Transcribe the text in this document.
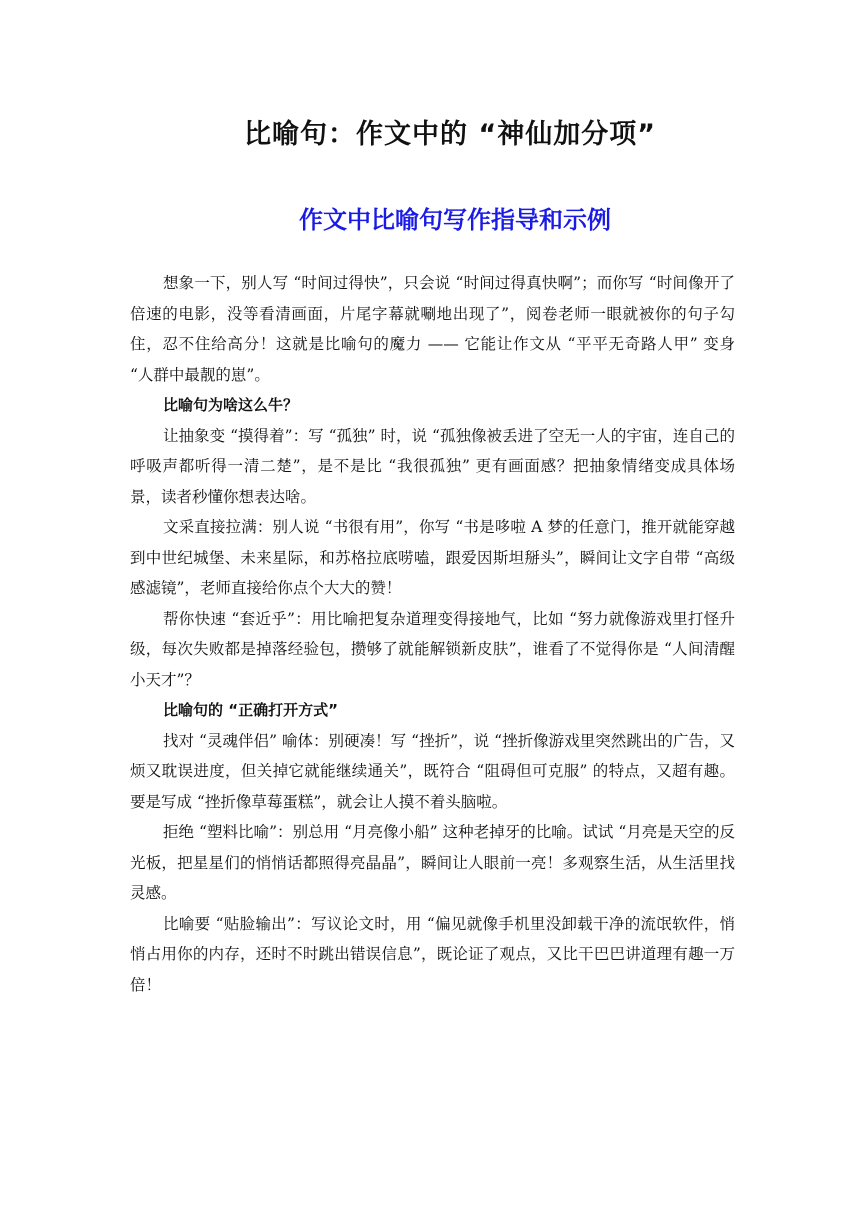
比喻句：作文中的 “神仙加分项”
作文中比喻句写作指导和示例

想象一下，别人写 “时间过得快”，只会说 “时间过得真快啊”；而你写 “时间像开了倍速的电影，没等看清画面，片尾字幕就唰地出现了”，阅卷老师一眼就被你的句子勾住，忍不住给高分！这就是比喻句的魔力 —— 它能让作文从 “平平无奇路人甲” 变身 “人群中最靓的崽”。

比喻句为啥这么牛？

让抽象变 “摸得着”：写 “孤独” 时，说 “孤独像被丢进了空无一人的宇宙，连自己的呼吸声都听得一清二楚”，是不是比 “我很孤独” 更有画面感？把抽象情绪变成具体场景，读者秒懂你想表达啥。

文采直接拉满：别人说 “书很有用”，你写 “书是哆啦 A 梦的任意门，推开就能穿越到中世纪城堡、未来星际，和苏格拉底唠嗑，跟爱因斯坦掰头”，瞬间让文字自带 “高级感滤镜”，老师直接给你点个大大的赞！

帮你快速 “套近乎”：用比喻把复杂道理变得接地气，比如 “努力就像游戏里打怪升级，每次失败都是掉落经验包，攒够了就能解锁新皮肤”，谁看了不觉得你是 “人间清醒小天才”？

比喻句的 “正确打开方式”

找对 “灵魂伴侣” 喻体：别硬凑！写 “挫折”，说 “挫折像游戏里突然跳出的广告，又烦又耽误进度，但关掉它就能继续通关”，既符合 “阻碍但可克服” 的特点，又超有趣。要是写成 “挫折像草莓蛋糕”，就会让人摸不着头脑啦。

拒绝 “塑料比喻”：别总用 “月亮像小船” 这种老掉牙的比喻。试试 “月亮是天空的反光板，把星星们的悄悄话都照得亮晶晶”，瞬间让人眼前一亮！多观察生活，从生活里找灵感。

比喻要 “贴脸输出”：写议论文时，用 “偏见就像手机里没卸载干净的流氓软件，悄悄占用你的内存，还时不时跳出错误信息”，既论证了观点，又比干巴巴讲道理有趣一万倍！
